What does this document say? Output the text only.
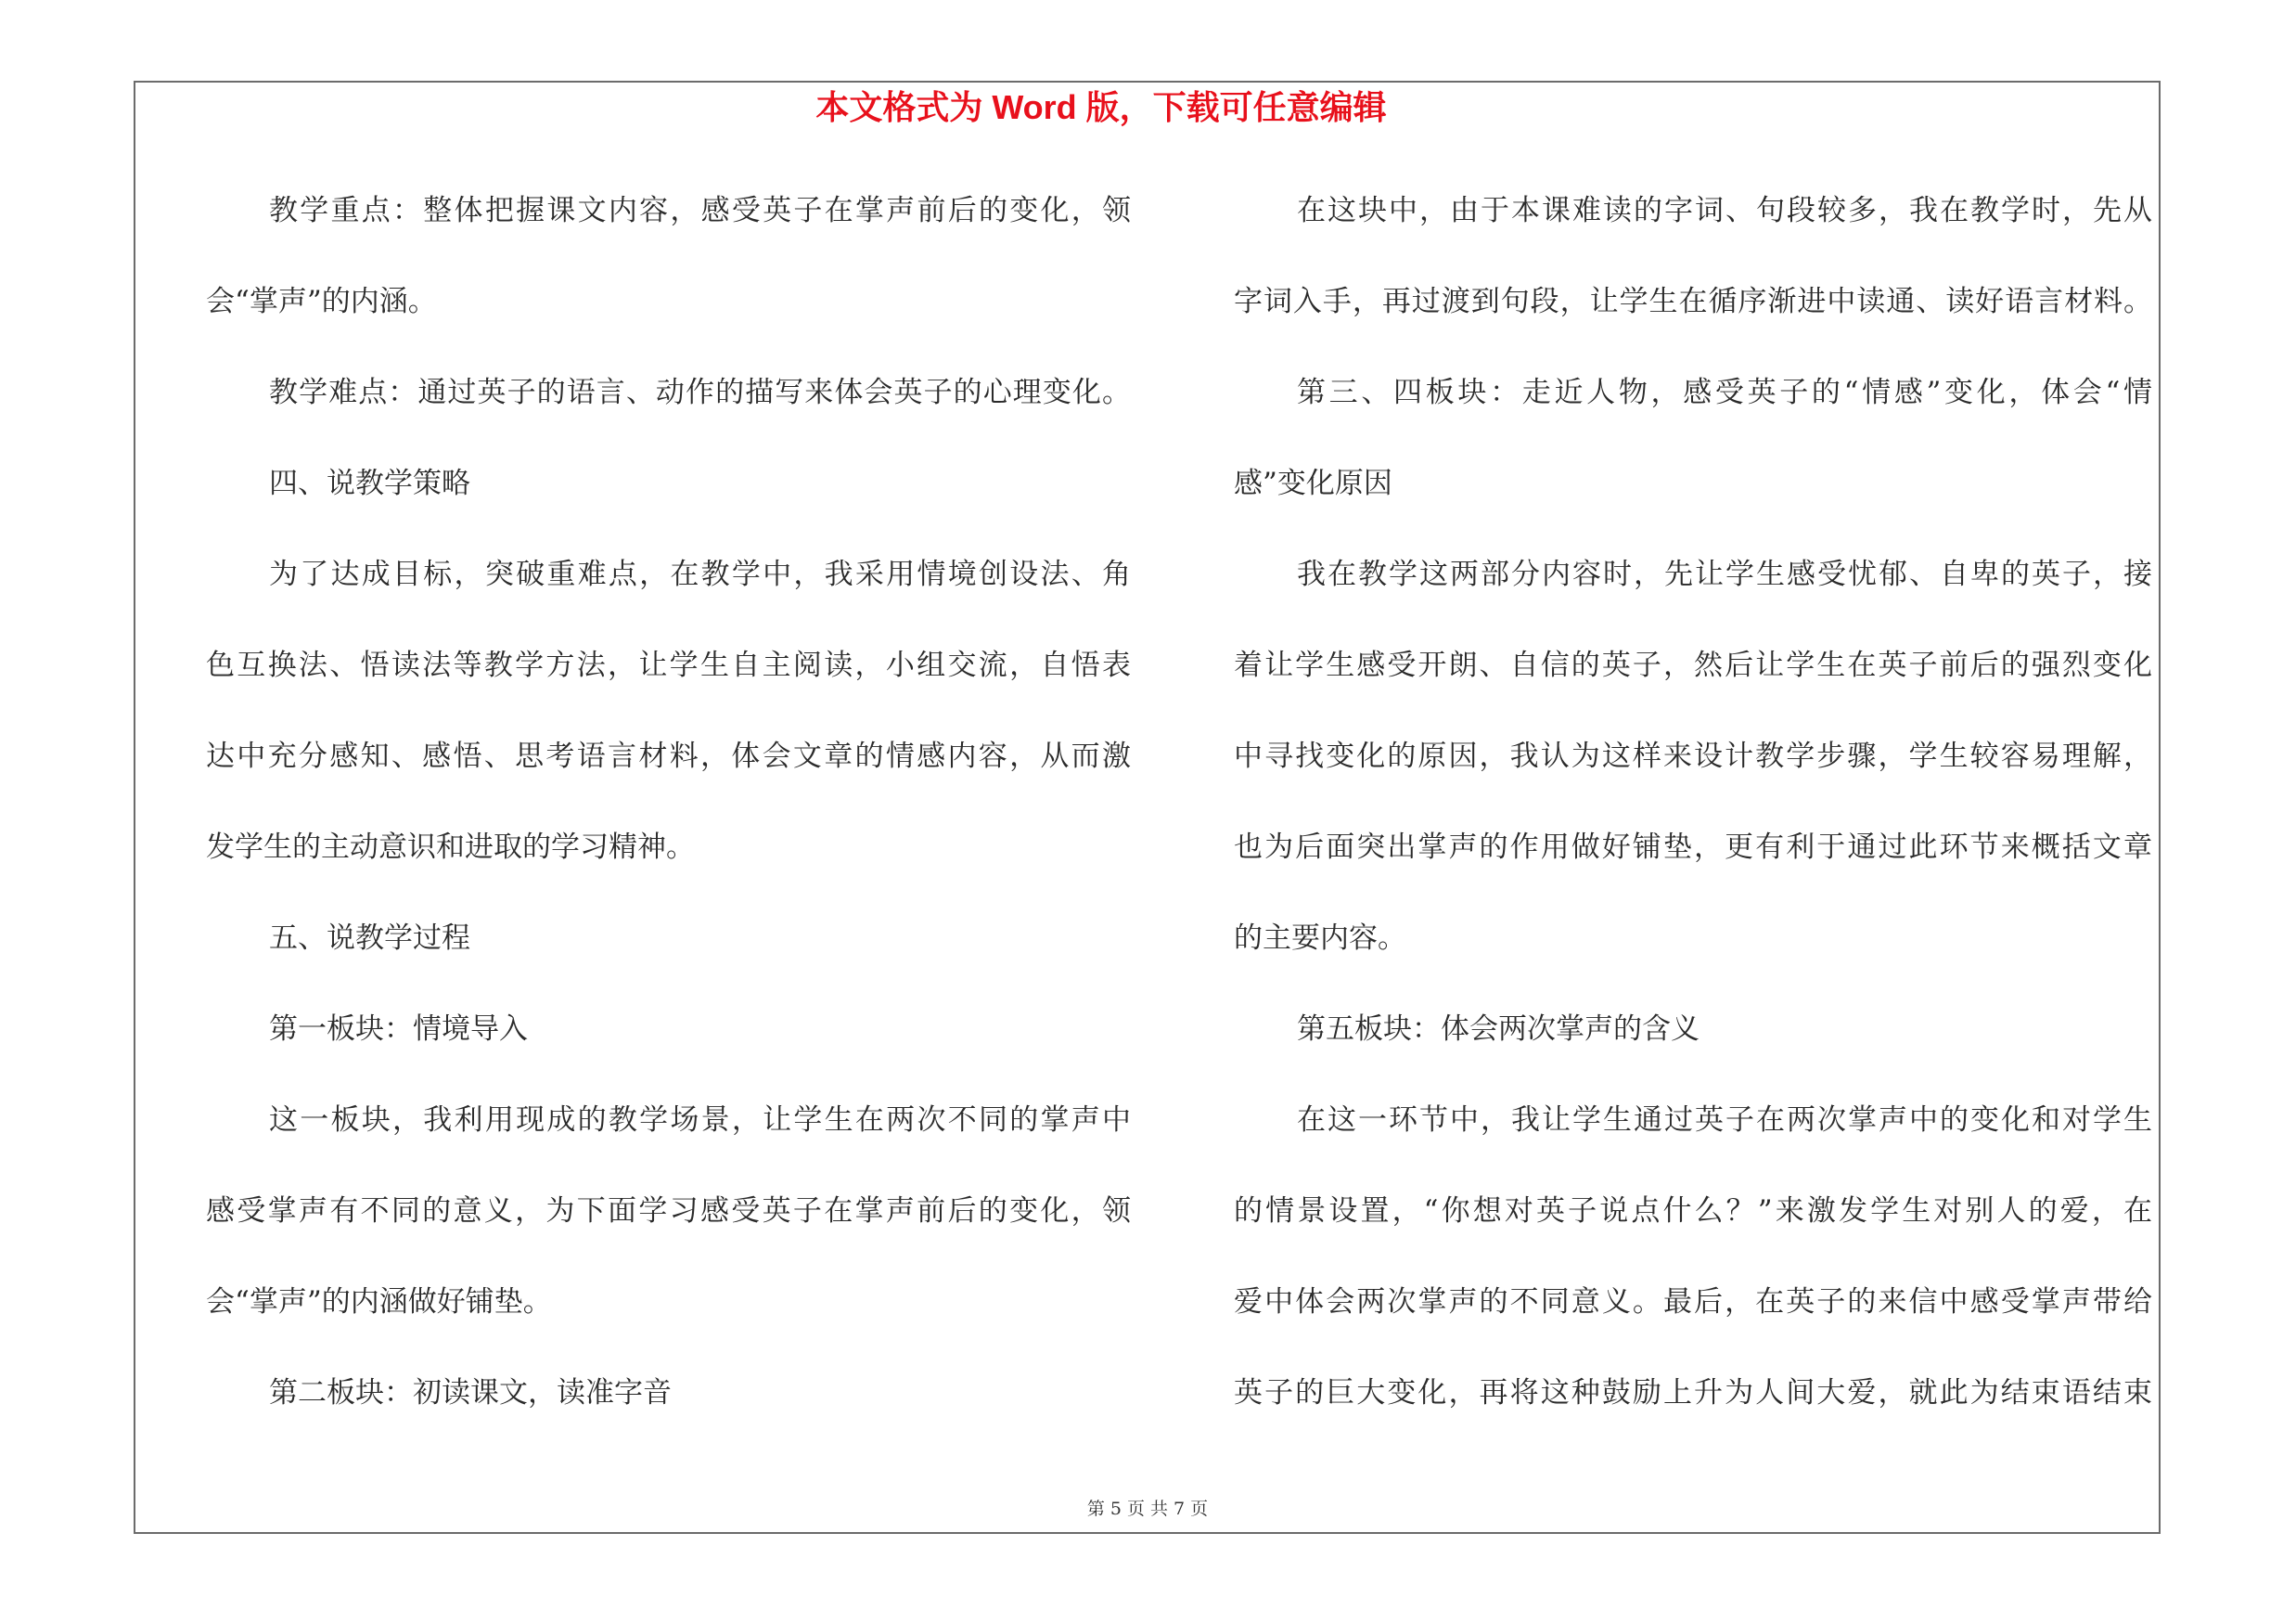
本文格式为 Word 版，下载可任意编辑
教学重点：整体把握课文内容，感受英子在掌声前后的变化，领
会“掌声”的内涵。
教学难点：通过英子的语言、动作的描写来体会英子的心理变化。
四、说教学策略
为了达成目标，突破重难点，在教学中，我采用情境创设法、角
色互换法、悟读法等教学方法，让学生自主阅读，小组交流，自悟表
达中充分感知、感悟、思考语言材料，体会文章的情感内容，从而激
发学生的主动意识和进取的学习精神。
五、说教学过程
第一板块：情境导入
这一板块，我利用现成的教学场景，让学生在两次不同的掌声中
感受掌声有不同的意义，为下面学习感受英子在掌声前后的变化，领
会“掌声”的内涵做好铺垫。
第二板块：初读课文，读准字音
在这块中，由于本课难读的字词、句段较多，我在教学时，先从
字词入手，再过渡到句段，让学生在循序渐进中读通、读好语言材料。
第三、四板块：走近人物，感受英子的“情感”变化，体会“情
感”变化原因
我在教学这两部分内容时，先让学生感受忧郁、自卑的英子，接
着让学生感受开朗、自信的英子，然后让学生在英子前后的强烈变化
中寻找变化的原因，我认为这样来设计教学步骤，学生较容易理解，
也为后面突出掌声的作用做好铺垫，更有利于通过此环节来概括文章
的主要内容。
第五板块：体会两次掌声的含义
在这一环节中，我让学生通过英子在两次掌声中的变化和对学生
的情景设置，“你想对英子说点什么？”来激发学生对别人的爱，在
爱中体会两次掌声的不同意义。最后，在英子的来信中感受掌声带给
英子的巨大变化，再将这种鼓励上升为人间大爱，就此为结束语结束
第 5 页 共 7 页
